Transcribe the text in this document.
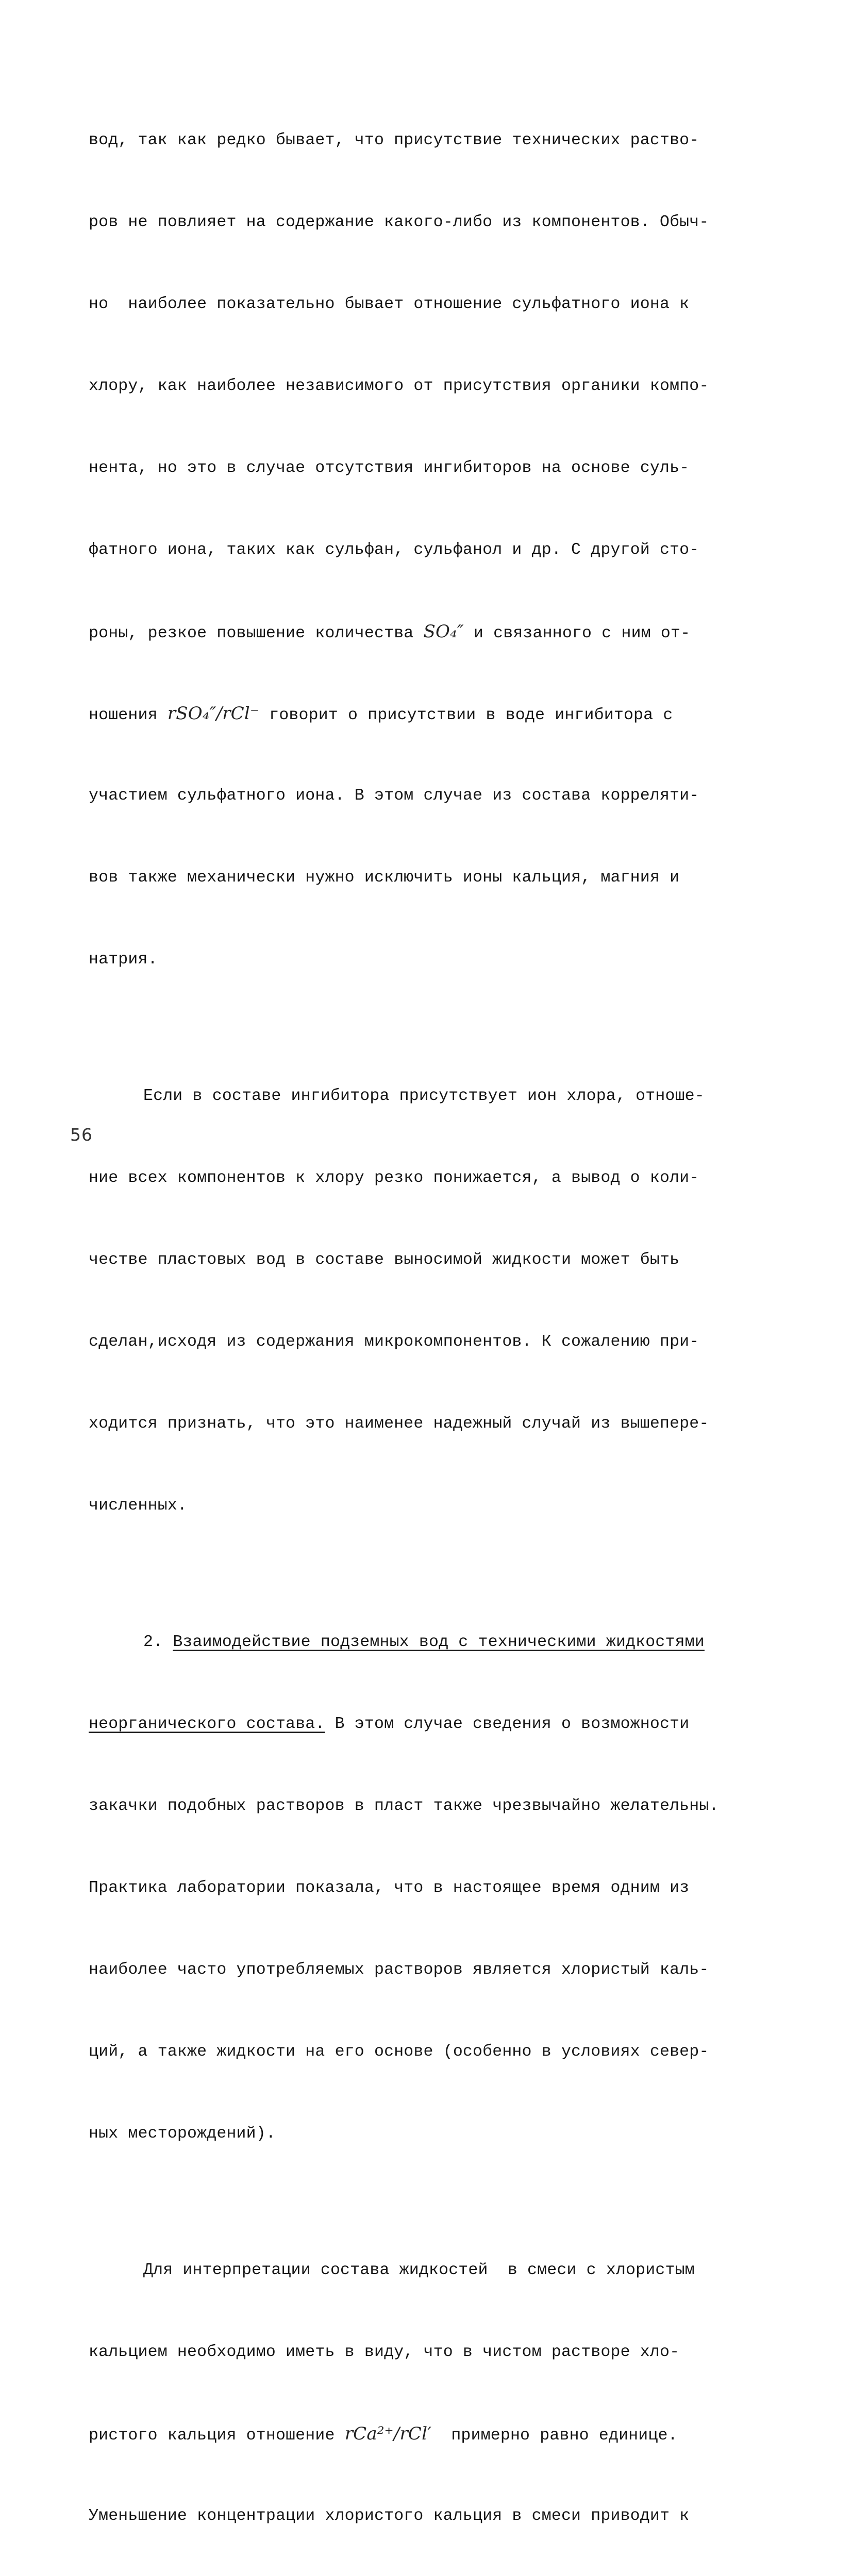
вод, так как редко бывает, что присутствие технических раство-

ров не повлияет на содержание какого-либо из компонентов. Обыч-

но  наиболее показательно бывает отношение сульфатного иона к

хлору, как наиболее независимого от присутствия органики компо-

нента, но это в случае отсутствия ингибиторов на основе суль-

фатного иона, таких как сульфан, сульфанол и др. С другой сто-

роны, резкое повышение количества SO₄″ и связанного с ним от-

ношения rSO₄″/rCl⁻ говорит о присутствии в воде ингибитора с

участием сульфатного иона. В этом случае из состава корреляти-

вов также механически нужно исключить ионы кальция, магния и

натрия.

Если в составе ингибитора присутствует ион хлора, отноше-

ние всех компонентов к хлору резко понижается, а вывод о коли-

честве пластовых вод в составе выносимой жидкости может быть

сделан,исходя из содержания микрокомпонентов. К сожалению при-

ходится признать, что это наименее надежный случай из вышепере-

численных.

2. Взаимодействие подземных вод с техническими жидкостями

неорганического состава. В этом случае сведения о возможности

закачки подобных растворов в пласт также чрезвычайно желательны.

Практика лаборатории показала, что в настоящее время одним из

наиболее часто употребляемых растворов является хлористый каль-

ций, а также жидкости на его основе (особенно в условиях север-

ных месторождений).

Для интерпретации состава жидкостей  в смеси с хлористым

кальцием необходимо иметь в виду, что в чистом растворе хло-

ристого кальция отношение rCa²⁺/rCl′  примерно равно единице.

Уменьшение концентрации хлористого кальция в смеси приводит к

56
